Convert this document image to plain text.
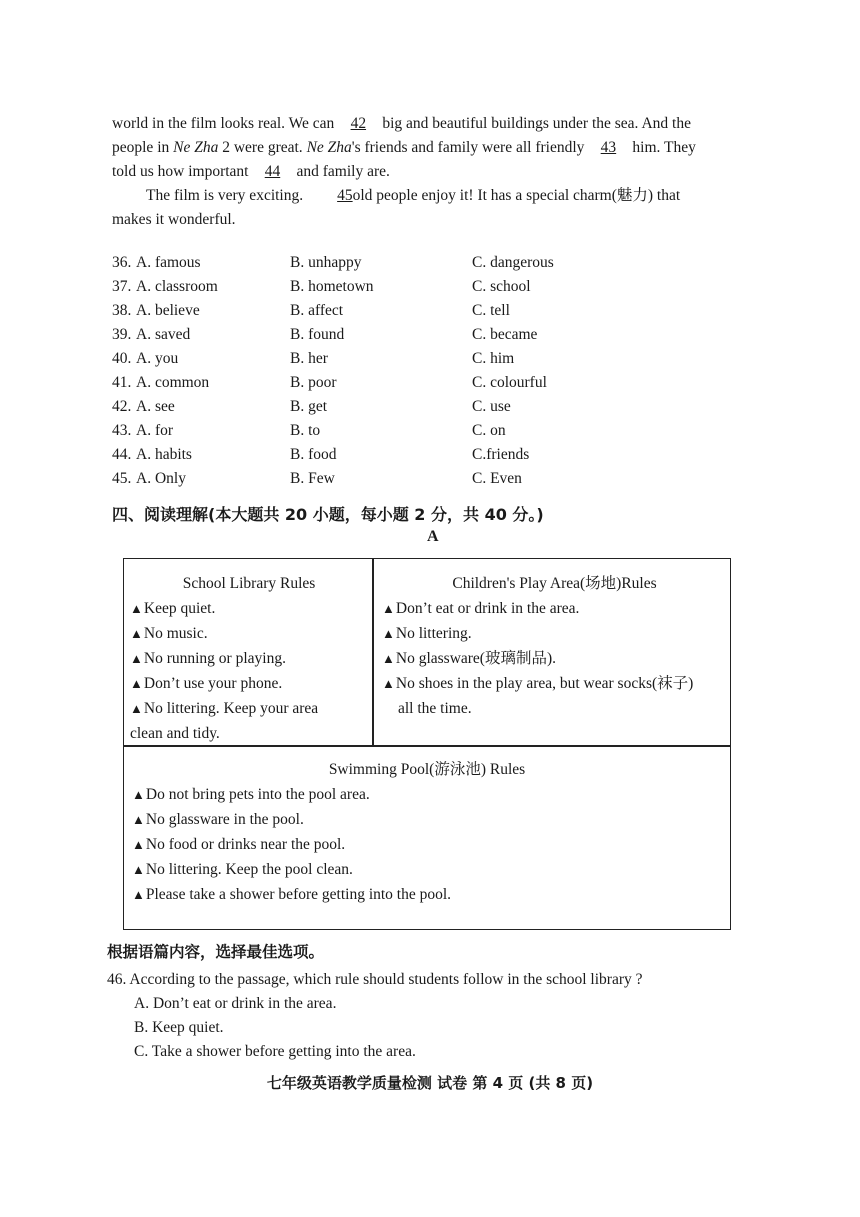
world in the film looks real. We can 42 big and beautiful buildings under the sea. And the

people in Ne Zha 2 were great. Ne Zha's friends and family were all friendly 43 him. They

told us how important 44 and family are.

The film is very exciting. 45old people enjoy it! It has a special charm(魅力) that

makes it wonderful.

36. A. famous	B. unhappy	C. dangerous
37. A. classroom	B. hometown	C. school
38. A. believe	B. affect	C. tell
39. A. saved	B. found	C. became
40. A. you	B. her	C. him
41. A. common	B. poor	C. colourful
42. A. see	B. get	C. use
43. A. for	B. to	C. on
44. A. habits	B. food	C.friends
45. A. Only	B. Few	C. Even
四、阅读理解(本大题共 20 小题，每小题 2 分，共 40 分。)
A
School Library Rules
▲Keep quiet.
▲No music.
▲No running or playing.
▲Don’t use your phone.
▲No littering. Keep your area
clean and tidy.
Children's Play Area(场地)Rules
▲Don’t eat or drink in the area.
▲No littering.
▲No glassware(玻璃制品).
▲No shoes in the play area, but wear socks(袜子)
all the time.
Swimming Pool(游泳池) Rules
▲Do not bring pets into the pool area.
▲No glassware in the pool.
▲No food or drinks near the pool.
▲No littering. Keep the pool clean.
▲Please take a shower before getting into the pool.
根据语篇内容，选择最佳选项。
46. According to the passage, which rule should students follow in the school library ?
A. Don’t eat or drink in the area.
B. Keep quiet.
C. Take a shower before getting into the area.
七年级英语教学质量检测 试卷 第 4 页 (共 8 页)
